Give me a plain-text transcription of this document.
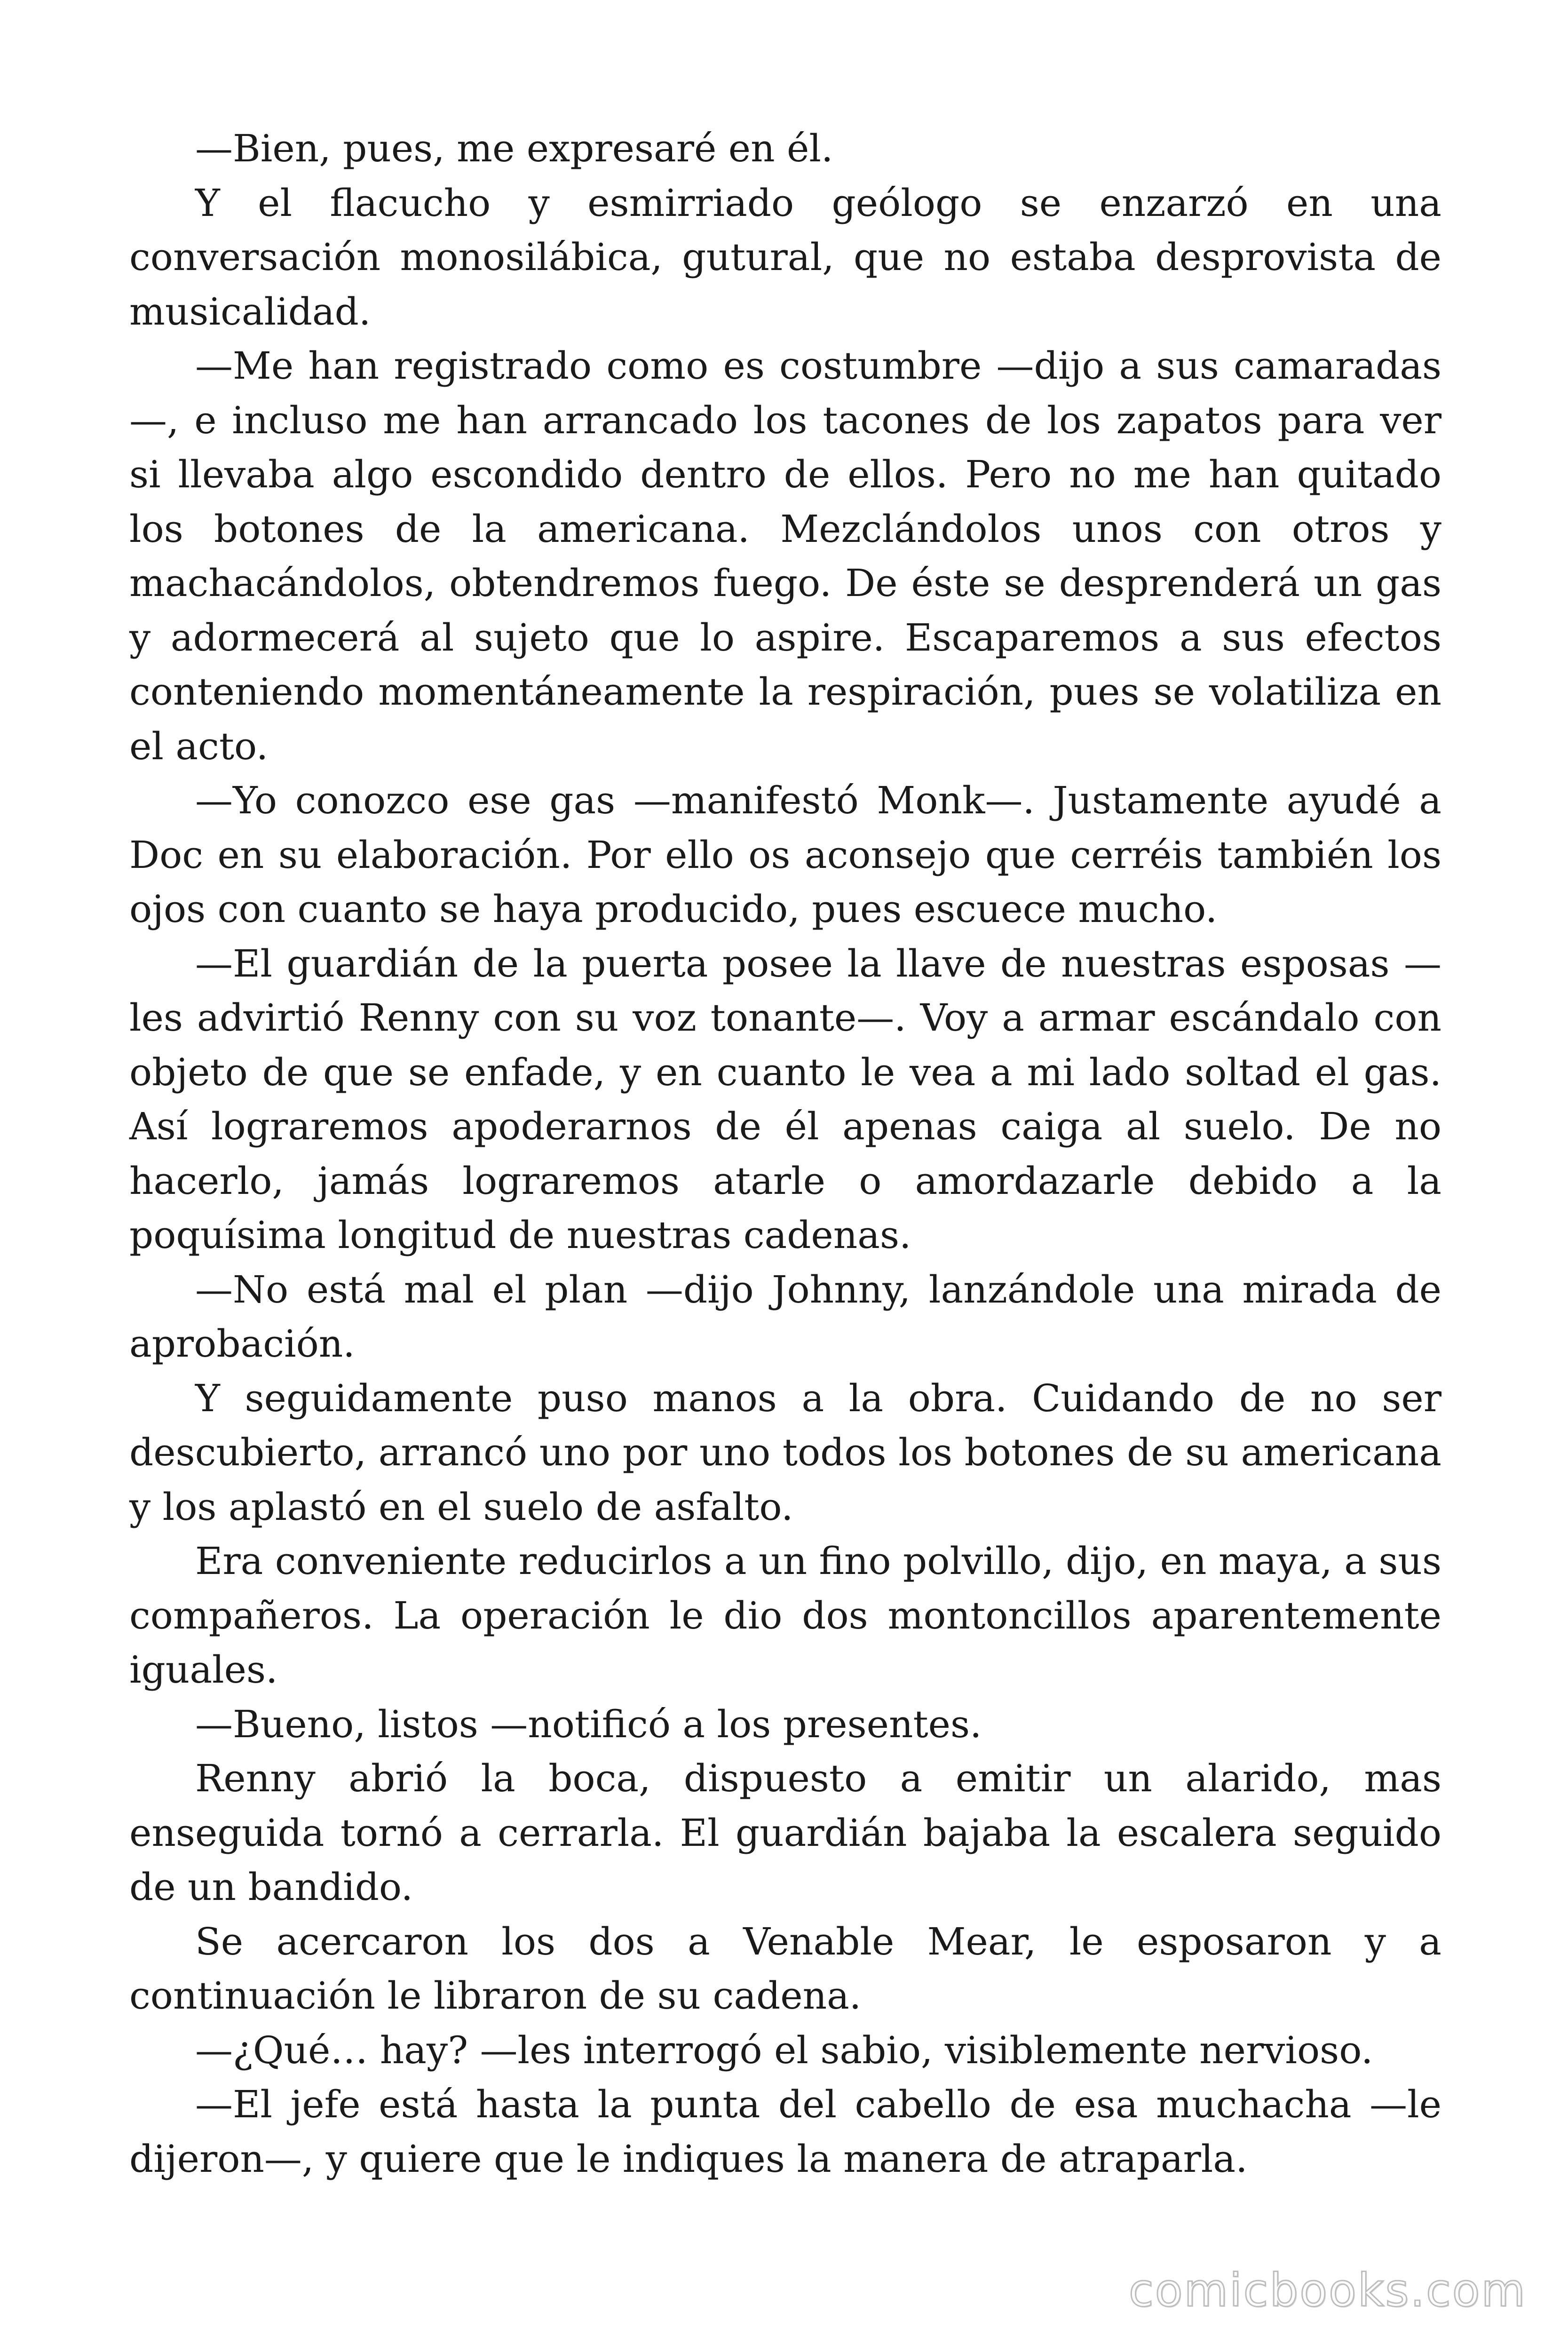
—Bien, pues, me expresaré en él.

Y el flacucho y esmirriado geólogo se enzarzó en una conversación monosilábica, gutural, que no estaba desprovista de musicalidad.

—Me han registrado como es costumbre —dijo a sus camaradas —, e incluso me han arrancado los tacones de los zapatos para ver si llevaba algo escondido dentro de ellos. Pero no me han quitado los botones de la americana. Mezclándolos unos con otros y machacándolos, obtendremos fuego. De éste se desprenderá un gas y adormecerá al sujeto que lo aspire. Escaparemos a sus efectos conteniendo momentáneamente la respiración, pues se volatiliza en el acto.

—Yo conozco ese gas —manifestó Monk—. Justamente ayudé a Doc en su elaboración. Por ello os aconsejo que cerréis también los ojos con cuanto se haya producido, pues escuece mucho.

—El guardián de la puerta posee la llave de nuestras esposas —les advirtió Renny con su voz tonante—. Voy a armar escándalo con objeto de que se enfade, y en cuanto le vea a mi lado soltad el gas. Así lograremos apoderarnos de él apenas caiga al suelo. De no hacerlo, jamás lograremos atarle o amordazarle debido a la poquísima longitud de nuestras cadenas.

—No está mal el plan —dijo Johnny, lanzándole una mirada de aprobación.

Y seguidamente puso manos a la obra. Cuidando de no ser descubierto, arrancó uno por uno todos los botones de su americana y los aplastó en el suelo de asfalto.

Era conveniente reducirlos a un fino polvillo, dijo, en maya, a sus compañeros. La operación le dio dos montoncillos aparentemente iguales.

—Bueno, listos —notificó a los presentes.

Renny abrió la boca, dispuesto a emitir un alarido, mas enseguida tornó a cerrarla. El guardián bajaba la escalera seguido de un bandido.

Se acercaron los dos a Venable Mear, le esposaron y a continuación le libraron de su cadena.

—¿Qué… hay? —les interrogó el sabio, visiblemente nervioso.

—El jefe está hasta la punta del cabello de esa muchacha —le dijeron—, y quiere que le indiques la manera de atraparla.

comicbooks.com
